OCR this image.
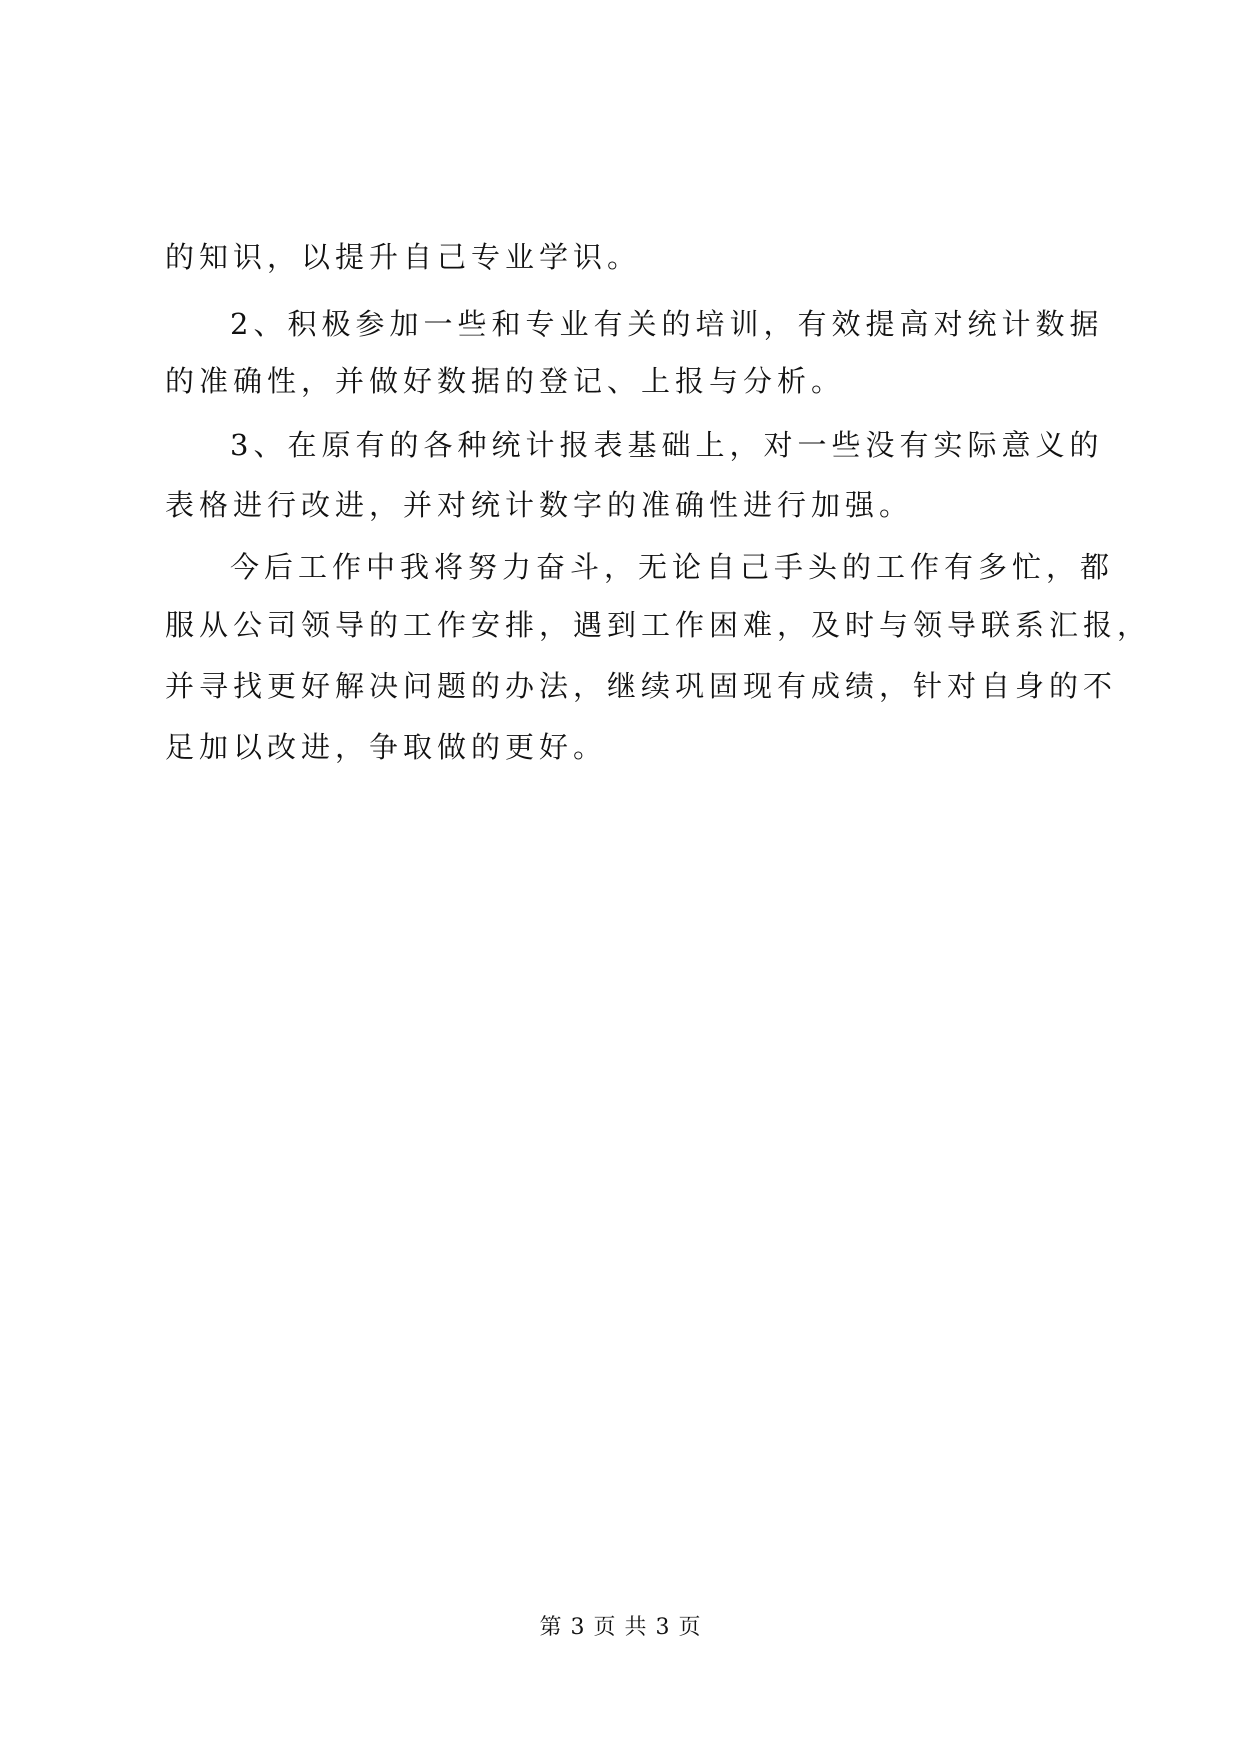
的知识，以提升自己专业学识。
2、积极参加一些和专业有关的培训，有效提高对统计数据
的准确性，并做好数据的登记、上报与分析。
3、在原有的各种统计报表基础上，对一些没有实际意义的
表格进行改进，并对统计数字的准确性进行加强。
今后工作中我将努力奋斗，无论自己手头的工作有多忙，都
服从公司领导的工作安排，遇到工作困难，及时与领导联系汇报，
并寻找更好解决问题的办法，继续巩固现有成绩，针对自身的不
足加以改进，争取做的更好。
第 3 页 共 3 页
